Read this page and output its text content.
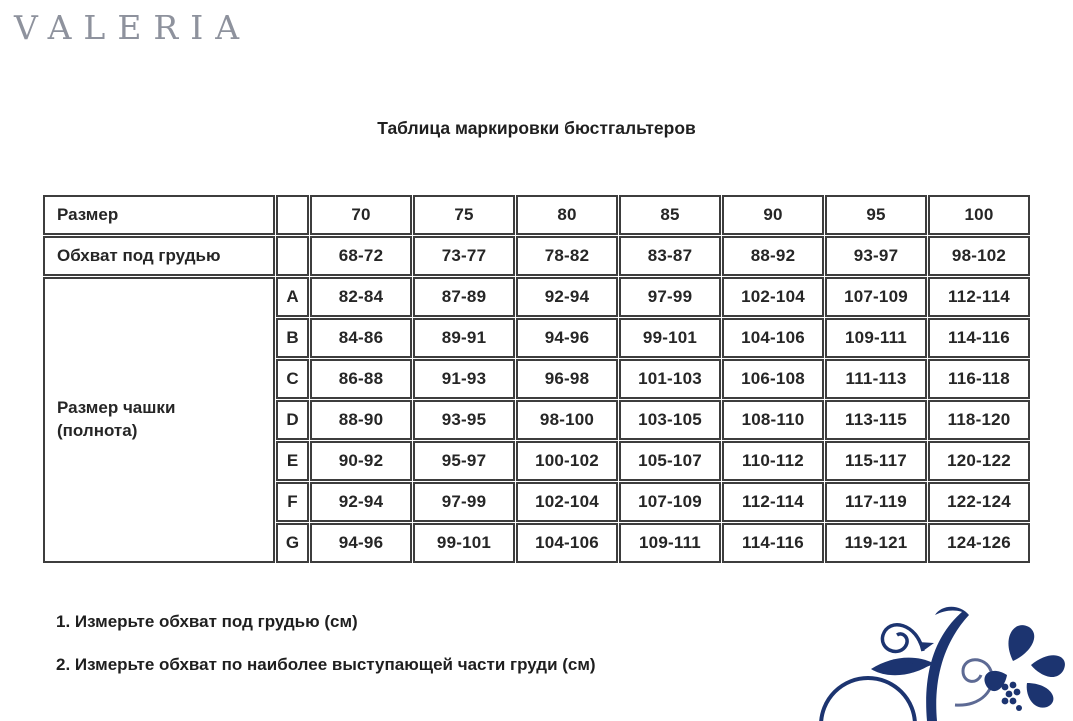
VALERIA
Таблица маркировки бюстгальтеров
Размер		70	75	80	85	90	95	100
Обхват под грудью		68-72	73-77	78-82	83-87	88-92	93-97	98-102
Размер чашки (полнота)	A	82-84	87-89	92-94	97-99	102-104	107-109	112-114
	B	84-86	89-91	94-96	99-101	104-106	109-111	114-116
	C	86-88	91-93	96-98	101-103	106-108	111-113	116-118
	D	88-90	93-95	98-100	103-105	108-110	113-115	118-120
	E	90-92	95-97	100-102	105-107	110-112	115-117	120-122
	F	92-94	97-99	102-104	107-109	112-114	117-119	122-124
	G	94-96	99-101	104-106	109-111	114-116	119-121	124-126

1. Измерьте обхват под грудью (см)

2. Измерьте обхват по наиболее выступающей части груди (см)
